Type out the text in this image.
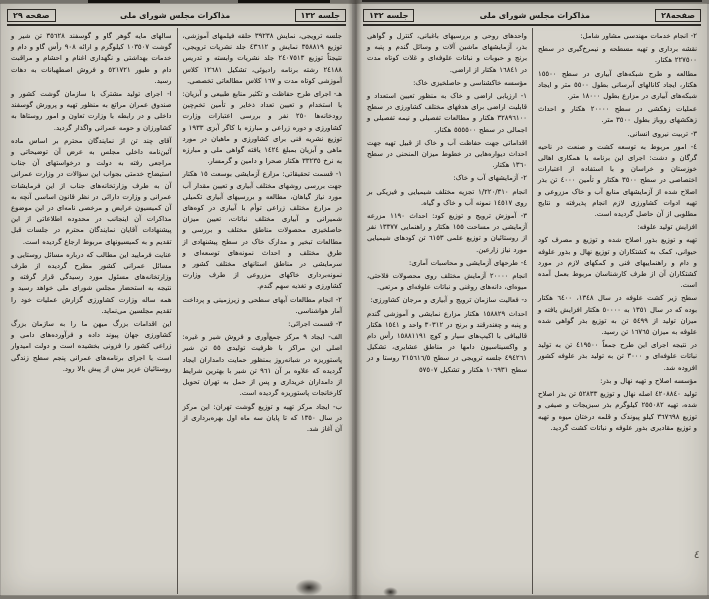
صفحه ٢٩	مذاکرات مجلس شورای ملی	جلسه ١٣٢

جلسه ترویجی، نمایش ٣٩٢٣٨ حلقه فیلمهای آموزشی، توزیع ٣٥٨٨١٩ نمایش و ٤٣٦١٢ جلد نشریات ترویجی، نتیجتاً توزیع ٢٤٠٧٥١٣ جلد نشریات وابسته و تدریس ٢٤١٨٨ رشته برنامه رادیوئی، تشکیل ١٢٦٨١ کلاس آموزشی کوتاه مدت و ١٦٧ کلاس مطالعاتی تخصصی.

هـ- اجرای طرح حفاظت و تکثیر منابع طبیعی و آبزیان: با استخدام و تعیین تعداد ذخایر و تأمین تخم‌چین رودخانه‌ها ٢٥٠ نفر و بررسی اعتبارات وزارت کشاورزی و دوره زراعی و مبارزه با کاگر آبزی ١٩٣٣ و توزیع نشریه فنی برای کشاورزی و ماهیان در مورد ماهی و آبزیان بمبلغ ١٤٢٤ یافته گواهی ملی و مبارزه به نرخ ٣٣٢٣٥ هکتار صحرا و دامین و گرمسار.

١- قسمت تحقیقاتی: مزارع آزمایشی بوسعت ١٥ هکتار جهت بررسی روشهای مختلف آبیاری و تعیین مقدار آب مورد نیاز گیاهان، مطالعه و بررسیهای آبیاری تکمیلی در مزارع مختلف زراعی توأم با آبیاری در کوه‌های شمیرانی و آبیاری مختلف نباتات، تعیین میزان حاصلخیزی محصولات مناطق مختلف و بررسی و مطالعات تبخیر و مدارک خاک در سطح پیشنهادی از طرق مختلف و احداث نمونه‌های توسعه‌ای و سرمایشی در مناطق استانهای مختلف کشور و نمونه‌برداری خاکهای مزروعی از طرف وزارت کشاورزی و تغذیه سهم گندم.

٢- انجام مطالعات آبهای سطحی و زیرزمینی و پرداخت آمار هواشناسی.

٣- قسمت اجرائی:

الف- ایجاد ٩ مرکز جمع‌آوری و فروش شیر و غیره: اصلی این مراکز با ظرفیت تولیدی ٥٥ تن شیر پاستوریزه در شبانه‌روز بمنظور حمایت دامداران ایجاد گردیده که علاوه بر آن ٩٦١ تن شیر با بهترین شرایط از دامداران خریداری و پس از حمل به تهران تحویل کارخانجات پاستوریزه گردیده است.

ب- ایجاد مرکز تهیه و توزیع گوشت تهران: این مرکز در سال ١٣٥٠ که تا پایان سه ماه اول بهره‌برداری از آن آغاز شد.

سالهای مایه گوهر گاو و گوسفند ٣٥٦٢٨ تن شیر و گوشت ١٠٣٥٠٧ کیلوگرم و ارائه ٩٠٨ رأس گاو و دام و خدمات بهداشتی و نگهداری اغنام و احشام و مراقبت دام و طیور ٥٢١٧٢١ و فروش اصطهبانات به دهات رسید.

ا- اجرای تولید مشترک با سازمان گوشت کشور و صندوق عمران مراتع به منظور تهیه و پرورش گوسفند داخلی و در رابطه با وزارت تعاون و امور روستاها به کشاورزان و حومه عمرانی واگذار گردید.

آقای چند تن از نمایندگان محترم بر اساس ماده آئین‌نامه داخلی مجلس به عرض آن توضیحاتی و مراجعی رفته به دولت و درخواستهای آن جناب استیضاح خدمتی بجواب این سؤالات در وزارت عمرانی آن به طرف وزارتخانه‌های جناب از این فرمایشات عمرانی و وزارت دارائی در نظر قانون اساسی آنچه به آن کمیسیون عرایض و مرخصی نامه‌ای در این موضوع مذاکرات آن اینجانب در محدوده اطلاعاتی از این پیشنهادات آقایان نمایندگان محترم در جلسات قبل تقدیم و به کمیسیونهای مربوط ارجاع گردیده است.

عنایت فرمایید این مطالب که درباره مسائل روستایی و مسائل عمرانی کشور مطرح گردیده از طرف وزارتخانه‌های مسئول مورد رسیدگی قرار گرفته و نتیجه به استحضار مجلس شورای ملی خواهد رسید و همه ساله وزارت کشاورزی گزارش عملیات خود را تقدیم مجلسین می‌نماید.

این اقدامات بزرگ میهن ما را به سازمان بزرگ کشاورزی جهان پیوند داده و فرآورده‌های دامی و زراعی کشور را فزونی بخشیده است و دولت امیدوار است با اجرای برنامه‌های عمرانی پنجم سطح زندگی روستائیان عزیز بیش از پیش بالا رود.

جلسه ١٣٢	مذاکرات مجلس شورای ملی	صفحه٢٨

٢- انجام خدمات مهندسی مشاور شامل:

نقشه برداری و تهیه مسطحه و نیمرخ‌گیری در سطح ٢٢٧٥٠٠ هکتار.

مطالعه و طرح شبکه‌های آبیاری در سطح ١٥٥٠٠ هکتار، ایجاد کانالهای آبرسانی بطول ٥٥٠٠ متر و ایجاد شبکه‌های آبیاری در مزارع بطول ١٨٠٠٠ متر.

عملیات زهکشی در سطح ٢٠٠٠٠ هکتار و احداث زهکشهای روباز بطول ٣٥٠٠ متر.

٣- تربیت نیروی انسانی.

٤- امور مربوط به توسعه کشت و صنعت در ناحیه گرگان و دشت: اجرای این برنامه با همکاری اهالی خوزستان و خراسان و با استفاده از اعتبارات اختصاصی در سطح ٣٥٠٠ هکتار و تأمین ٤٠٠٠ تن بذر اصلاح شده از آزمایشهای منابع آب و خاک مزروعی و تهیه ادوات کشاورزی لازم انجام پذیرفته و نتایج مطلوبی از آن حاصل گردیده است.

افزایش تولید علوفه:

تهیه و توزیع بذور اصلاح شده و توزیع و مصرف کود حیوانی، کمک به کشتکاران و توزیع نهال و بذور علوفه و دام و راهنماییهای فنی و کمکهای لازم در مورد کشتکاران آن از طرف کارشناسان مربوط بعمل آمده است.

سطح زیر کشت علوفه در سال ١٣٤٨، ٦٤٠٠ هکتار بوده که در سال ١٣٥١ به ٥٠٠٠٠ هکتار افزایش یافته و میزان تولید از ٥٤٩٩ تن به توزیع بذر گواهی شده علوفه به میزان ١٦٧٦٥ تن رسید.

در نتیجه اجرای این طرح جمعاً ٤١٩٥٠٠ تن به تولید نباتات علوفه‌ای و ٣٠٠٠ تن به تولید بذر علوفه کشور افزوده شد.

مؤسسه اصلاح و تهیه نهال و بذر:

تولید ٤٢٠٨٨٤٠ اصله نهال و توزیع ٥٢٨٣٣ تن بذر اصلاح شده، تهیه ٢٥٥٠٨٢ کیلوگرم بذر سبزیجات و صیفی و توزیع ٣٦٧٦٩٨ کیلو پیوندک و قلمه درختان میوه و تهیه و توزیع مقادیری بذور علوفه و نباتات کشت گردید.

واحدهای روحی و بررسیهای باغبانی، کنترل و گواهی بذر، آزمایشهای ماشین آلات و وسائل گندم و پنبه و برنج و حبوبات و نباتات علوفه‌ای و غلات کوتاه مدت در ١٦٨٤١ هکتار از اراضی.

مؤسسه خاکشناسی و حاصلخیزی خاک:

١- ارزیابی اراضی و خاک به منظور تعیین استعداد و قابلیت اراضی برای هدفهای مختلف کشاورزی در سطح ٣٢٨٩٦١٠٠ هکتار و مطالعات تفصیلی و نیمه تفصیلی و اجمالی در سطح ٥٥٥٥٠٠ هکتار.

اقداماتی جهت حفاظت آب و خاک از قبیل تهیه جهت احداث دیواره‌هایی در خطوط میزان المنحنی در سطح ١٣٦٠ هکتار.

٢- آزمایشهای آب و خاک:

انجام ١/٢٢٠/٣١٠ تجزیه مختلف شیمیایی و فیزیکی بر روی ١٤٥١٧ نمونه آب و خاک و گیاه.

٣- آموزش ترویج و توزیع کود: احداث ١١٩٠ مزرعه آزمایشی در مساحت ١٥٥ هکتار و راهنمایی ١٣٣٧٧ نفر از روستائیان و توزیع علمی ٦١٥٣ تن کودهای شیمیایی مورد نیاز زارعین.

٤- طرحهای آزمایشی و محاسبات آماری:

انجام ٢٠٠٠٠ آزمایش مختلف روی محصولات فلاحتی، میوه‌ای، دانه‌های روغنی و نباتات علوفه‌ای و مرتعی.

د- فعالیت سازمان ترویج و آبیاری و مرجان کشاورزی:

احداث ١٥٨٨٢٩ هکتار مزارع نمایشی و آموزشی گندم و پنبه و چغندرقند و برنج در ٣٠٣١٢ واحد و ١٥٤١ هکتار قالیبافی با اکیپ‌های سیار و کوچ ١٥٨٨١١٩١ رأس دام و واکسیناسیون دامها در مناطق عشایری، تشکیل ٤٩٤٢٦١ جلسه ترویجی در سطح ٢١٥٦١٦/٥ روستا و در سطح ١٠٦٩٣١ هکتار و تشکیل ٥٧٥٠٧

٤
